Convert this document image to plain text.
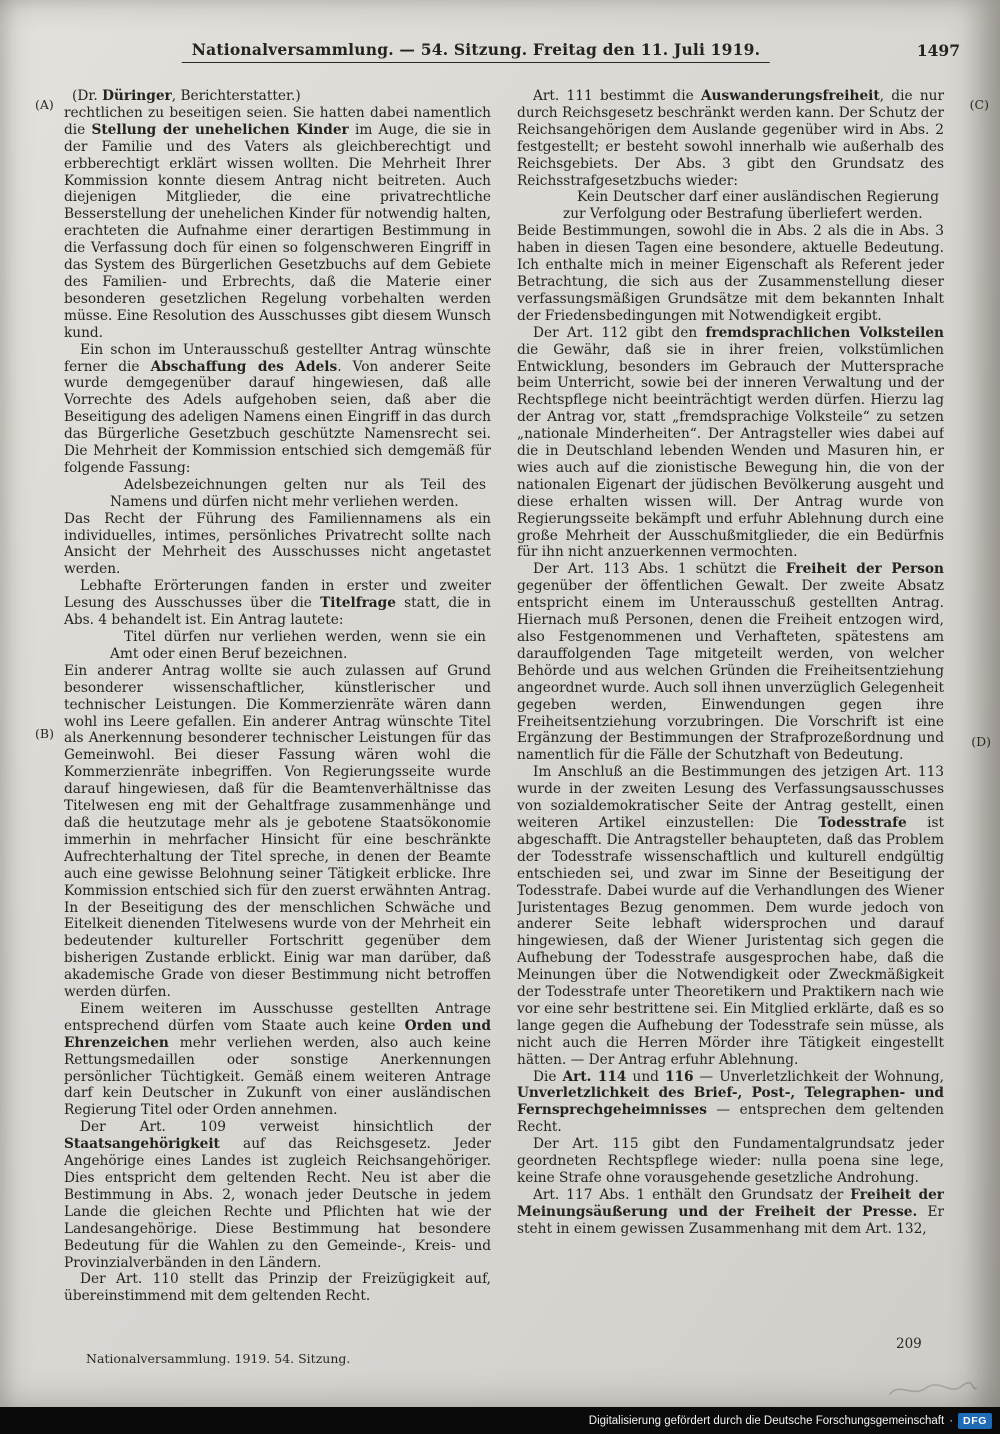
Nationalversammlung. — 54. Sitzung. Freitag den 11. Juli 1919.	1497
(A)
(B)
(C)
(D)

(Dr. Düringer, Berichterstatter.)

rechtlichen zu beseitigen seien. Sie hatten dabei namentlich die Stellung der unehelichen Kinder im Auge, die sie in der Familie und des Vaters als gleichberechtigt und erbberechtigt erklärt wissen wollten. Die Mehrheit Ihrer Kommission konnte diesem Antrag nicht beitreten. Auch diejenigen Mitglieder, die eine privatrechtliche Besserstellung der unehelichen Kinder für notwendig halten, erachteten die Aufnahme einer derartigen Bestimmung in die Verfassung doch für einen so folgenschweren Eingriff in das System des Bürgerlichen Gesetzbuchs auf dem Gebiete des Familien- und Erbrechts, daß die Materie einer besonderen gesetzlichen Regelung vorbehalten werden müsse. Eine Resolution des Ausschusses gibt diesem Wunsch kund.

Ein schon im Unterausschuß gestellter Antrag wünschte ferner die Abschaffung des Adels. Von anderer Seite wurde demgegenüber darauf hingewiesen, daß alle Vorrechte des Adels aufgehoben seien, daß aber die Beseitigung des adeligen Namens einen Eingriff in das durch das Bürgerliche Gesetzbuch geschützte Namensrecht sei. Die Mehrheit der Kommission entschied sich demgemäß für folgende Fassung:

Adelsbezeichnungen gelten nur als Teil des Namens und dürfen nicht mehr verliehen werden.

Das Recht der Führung des Familiennamens als ein individuelles, intimes, persönliches Privatrecht sollte nach Ansicht der Mehrheit des Ausschusses nicht angetastet werden.

Lebhafte Erörterungen fanden in erster und zweiter Lesung des Ausschusses über die Titelfrage statt, die in Abs. 4 behandelt ist. Ein Antrag lautete:

Titel dürfen nur verliehen werden, wenn sie ein Amt oder einen Beruf bezeichnen.

Ein anderer Antrag wollte sie auch zulassen auf Grund besonderer wissenschaftlicher, künstlerischer und technischer Leistungen. Die Kommerzienräte wären dann wohl ins Leere gefallen. Ein anderer Antrag wünschte Titel als Anerkennung besonderer technischer Leistungen für das Gemeinwohl. Bei dieser Fassung wären wohl die Kommerzienräte inbegriffen. Von Regierungsseite wurde darauf hingewiesen, daß für die Beamtenverhältnisse das Titelwesen eng mit der Gehaltfrage zusammenhänge und daß die heutzutage mehr als je gebotene Staatsökonomie immerhin in mehrfacher Hinsicht für eine beschränkte Aufrechterhaltung der Titel spreche, in denen der Beamte auch eine gewisse Belohnung seiner Tätigkeit erblicke. Ihre Kommission entschied sich für den zuerst erwähnten Antrag. In der Beseitigung des der menschlichen Schwäche und Eitelkeit dienenden Titelwesens wurde von der Mehrheit ein bedeutender kultureller Fortschritt gegenüber dem bisherigen Zustande erblickt. Einig war man darüber, daß akademische Grade von dieser Bestimmung nicht betroffen werden dürfen.

Einem weiteren im Ausschusse gestellten Antrage entsprechend dürfen vom Staate auch keine Orden und Ehrenzeichen mehr verliehen werden, also auch keine Rettungsmedaillen oder sonstige Anerkennungen persönlicher Tüchtigkeit. Gemäß einem weiteren Antrage darf kein Deutscher in Zukunft von einer ausländischen Regierung Titel oder Orden annehmen.

Der Art. 109 verweist hinsichtlich der Staatsangehörigkeit auf das Reichsgesetz. Jeder Angehörige eines Landes ist zugleich Reichsangehöriger. Dies entspricht dem geltenden Recht. Neu ist aber die Bestimmung in Abs. 2, wonach jeder Deutsche in jedem Lande die gleichen Rechte und Pflichten hat wie der Landesangehörige. Diese Bestimmung hat besondere Bedeutung für die Wahlen zu den Gemeinde-, Kreis- und Provinzialverbänden in den Ländern.

Der Art. 110 stellt das Prinzip der Freizügigkeit auf, übereinstimmend mit dem geltenden Recht.

Art. 111 bestimmt die Auswanderungsfreiheit, die nur durch Reichsgesetz beschränkt werden kann. Der Schutz der Reichsangehörigen dem Auslande gegenüber wird in Abs. 2 festgestellt; er besteht sowohl innerhalb wie außerhalb des Reichsgebiets. Der Abs. 3 gibt den Grundsatz des Reichsstrafgesetzbuchs wieder:

Kein Deutscher darf einer ausländischen Regierung zur Verfolgung oder Bestrafung überliefert werden.

Beide Bestimmungen, sowohl die in Abs. 2 als die in Abs. 3 haben in diesen Tagen eine besondere, aktuelle Bedeutung. Ich enthalte mich in meiner Eigenschaft als Referent jeder Betrachtung, die sich aus der Zusammenstellung dieser verfassungsmäßigen Grundsätze mit dem bekannten Inhalt der Friedensbedingungen mit Notwendigkeit ergibt.

Der Art. 112 gibt den fremdsprachlichen Volksteilen die Gewähr, daß sie in ihrer freien, volkstümlichen Entwicklung, besonders im Gebrauch der Muttersprache beim Unterricht, sowie bei der inneren Verwaltung und der Rechtspflege nicht beeinträchtigt werden dürfen. Hierzu lag der Antrag vor, statt „fremdsprachige Volksteile“ zu setzen „nationale Minderheiten“. Der Antragsteller wies dabei auf die in Deutschland lebenden Wenden und Masuren hin, er wies auch auf die zionistische Bewegung hin, die von der nationalen Eigenart der jüdischen Bevölkerung ausgeht und diese erhalten wissen will. Der Antrag wurde von Regierungsseite bekämpft und erfuhr Ablehnung durch eine große Mehrheit der Ausschußmitglieder, die ein Bedürfnis für ihn nicht anzuerkennen vermochten.

Der Art. 113 Abs. 1 schützt die Freiheit der Person gegenüber der öffentlichen Gewalt. Der zweite Absatz entspricht einem im Unterausschuß gestellten Antrag. Hiernach muß Personen, denen die Freiheit entzogen wird, also Festgenommenen und Verhafteten, spätestens am darauffolgenden Tage mitgeteilt werden, von welcher Behörde und aus welchen Gründen die Freiheitsentziehung angeordnet wurde. Auch soll ihnen unverzüglich Gelegenheit gegeben werden, Einwendungen gegen ihre Freiheitsentziehung vorzubringen. Die Vorschrift ist eine Ergänzung der Bestimmungen der Strafprozeßordnung und namentlich für die Fälle der Schutzhaft von Bedeutung.

Im Anschluß an die Bestimmungen des jetzigen Art. 113 wurde in der zweiten Lesung des Verfassungsausschusses von sozialdemokratischer Seite der Antrag gestellt, einen weiteren Artikel einzustellen: Die Todesstrafe ist abgeschafft. Die Antragsteller behaupteten, daß das Problem der Todesstrafe wissenschaftlich und kulturell endgültig entschieden sei, und zwar im Sinne der Beseitigung der Todesstrafe. Dabei wurde auf die Verhandlungen des Wiener Juristentages Bezug genommen. Dem wurde jedoch von anderer Seite lebhaft widersprochen und darauf hingewiesen, daß der Wiener Juristentag sich gegen die Aufhebung der Todesstrafe ausgesprochen habe, daß die Meinungen über die Notwendigkeit oder Zweckmäßigkeit der Todesstrafe unter Theoretikern und Praktikern nach wie vor eine sehr bestrittene sei. Ein Mitglied erklärte, daß es so lange gegen die Aufhebung der Todesstrafe sein müsse, als nicht auch die Herren Mörder ihre Tätigkeit eingestellt hätten. — Der Antrag erfuhr Ablehnung.

Die Art. 114 und 116 — Unverletzlichkeit der Wohnung, Unverletzlichkeit des Brief-, Post-, Telegraphen- und Fernsprechgeheimnisses — entsprechen dem geltenden Recht.

Der Art. 115 gibt den Fundamentalgrundsatz jeder geordneten Rechtspflege wieder: nulla poena sine lege, keine Strafe ohne vorausgehende gesetzliche Androhung.

Art. 117 Abs. 1 enthält den Grundsatz der Freiheit der Meinungsäußerung und der Freiheit der Presse. Er steht in einem gewissen Zusammenhang mit dem Art. 132,

Nationalversammlung. 1919. 54. Sitzung.
209
Digitalisierung gefördert durch die Deutsche Forschungsgemeinschaft · DFG
